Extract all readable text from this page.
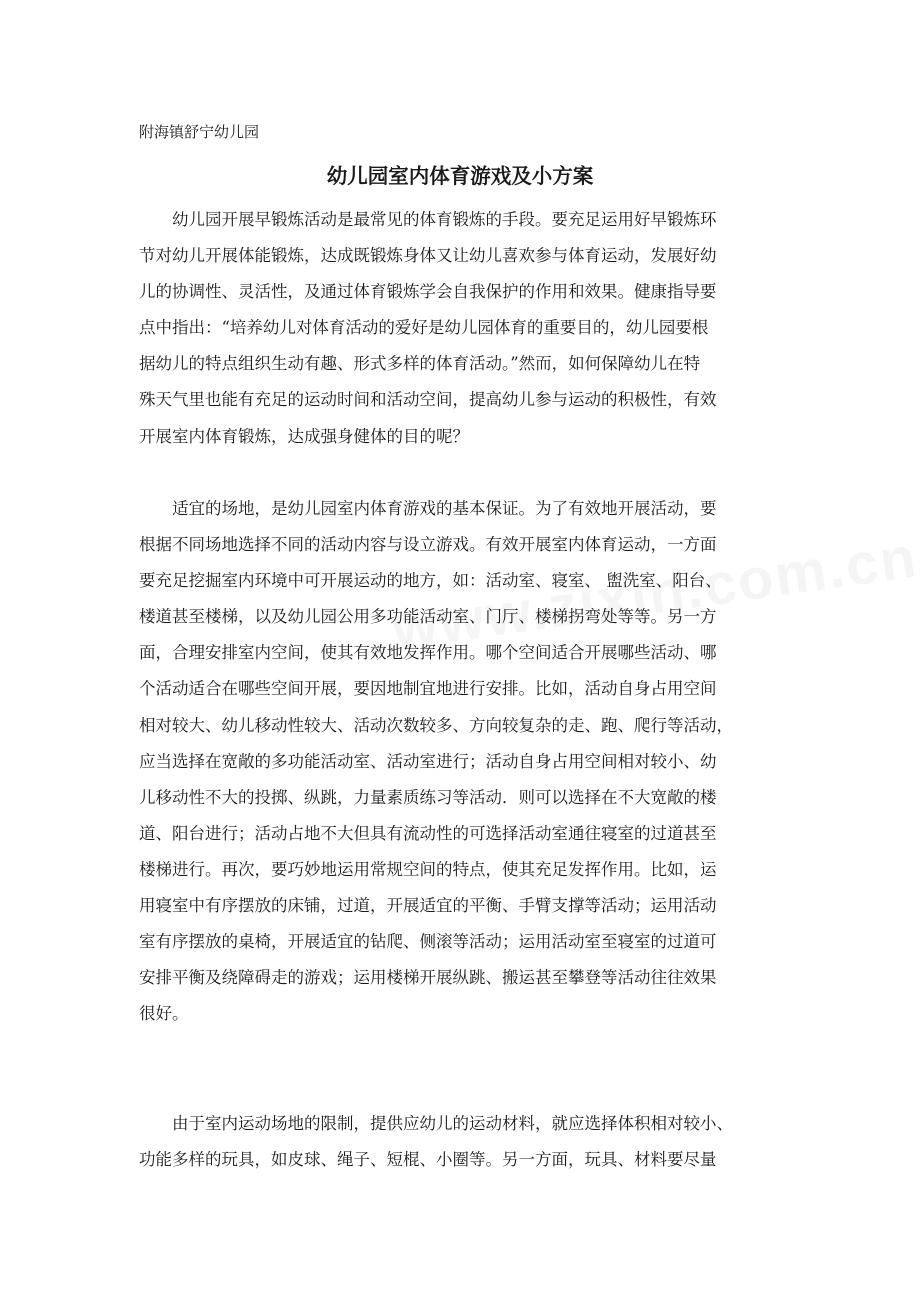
附海镇舒宁幼儿园

幼儿园室内体育游戏及小方案
　　幼儿园开展早锻炼活动是最常见的体育锻炼的手段。要充足运用好早锻炼环
节对幼儿开展体能锻炼，达成既锻炼身体又让幼儿喜欢参与体育运动，发展好幼
儿的协调性、灵活性，及通过体育锻炼学会自我保护的作用和效果。健康指导要
点中指出：“培养幼儿对体育活动的爱好是幼儿园体育的重要目的，幼儿园要根
据幼儿的特点组织生动有趣、形式多样的体育活动。”然而，如何保障幼儿在特
殊天气里也能有充足的运动时间和活动空间，提高幼儿参与运动的积极性，有效
开展室内体育锻炼，达成强身健体的目的呢？
　　适宜的场地，是幼儿园室内体育游戏的基本保证。为了有效地开展活动，要
根据不同场地选择不同的活动内容与设立游戏。有效开展室内体育运动，一方面
要充足挖掘室内环境中可开展运动的地方，如：活动室、寝室、 盥洗室、阳台、
楼道甚至楼梯，以及幼儿园公用多功能活动室、门厅、楼梯拐弯处等等。另一方
面，合理安排室内空间，使其有效地发挥作用。哪个空间适合开展哪些活动、哪
个活动适合在哪些空间开展，要因地制宜地进行安排。比如，活动自身占用空间
相对较大、幼儿移动性较大、活动次数较多、方向较复杂的走、跑、爬行等活动，
应当选择在宽敞的多功能活动室、活动室进行；活动自身占用空间相对较小、幼
儿移动性不大的投掷、纵跳，力量素质练习等活动．则可以选择在不大宽敞的楼
道、阳台进行；活动占地不大但具有流动性的可选择活动室通往寝室的过道甚至
楼梯进行。再次，要巧妙地运用常规空间的特点，使其充足发挥作用。比如，运
用寝室中有序摆放的床铺，过道，开展适宜的平衡、手臂支撑等活动；运用活动
室有序摆放的桌椅，开展适宜的钻爬、侧滚等活动；运用活动室至寝室的过道可
安排平衡及绕障碍走的游戏；运用楼梯开展纵跳、搬运甚至攀登等活动往往效果
很好。
　　由于室内运动场地的限制，提供应幼儿的运动材料，就应选择体积相对较小、
功能多样的玩具，如皮球、绳子、短棍、小圈等。另一方面，玩具、材料要尽量
